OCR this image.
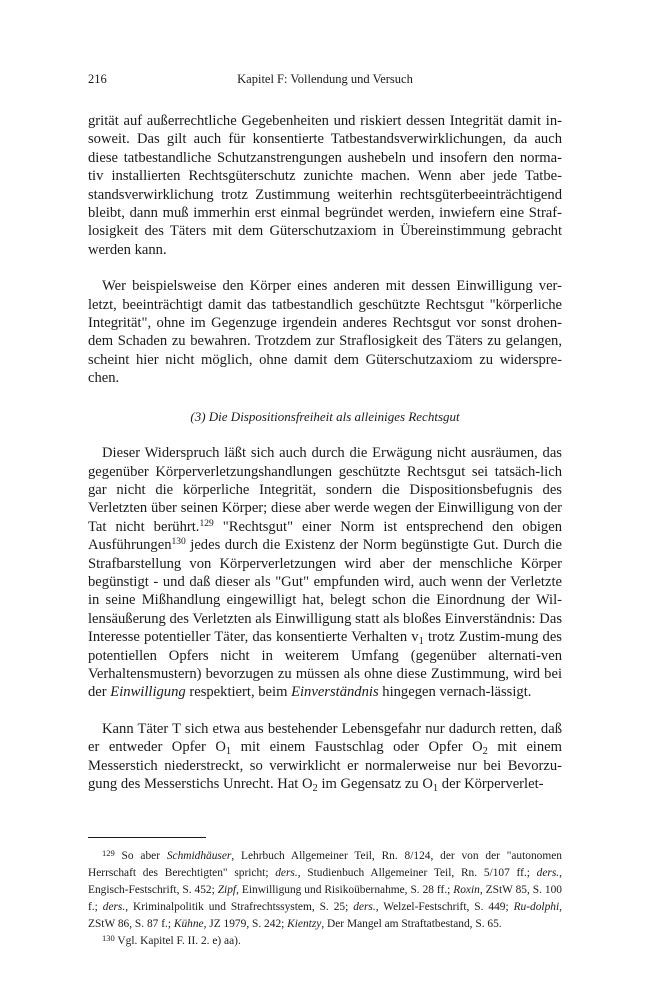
216	Kapitel F: Vollendung und Versuch

grität auf außerrechtliche Gegebenheiten und riskiert dessen Integrität damit in-soweit. Das gilt auch für konsentierte Tatbestandsverwirklichungen, da auch diese tatbestandliche Schutzanstrengungen aushebeln und insofern den norma-tiv installierten Rechtsgüterschutz zunichte machen. Wenn aber jede Tatbe-standsverwirklichung trotz Zustimmung weiterhin rechtsgüterbeeinträchtigend bleibt, dann muß immerhin erst einmal begründet werden, inwiefern eine Straf-losigkeit des Täters mit dem Güterschutzaxiom in Übereinstimmung gebracht werden kann.

Wer beispielsweise den Körper eines anderen mit dessen Einwilligung ver-letzt, beeinträchtigt damit das tatbestandlich geschützte Rechtsgut "körperliche Integrität", ohne im Gegenzuge irgendein anderes Rechtsgut vor sonst drohen-dem Schaden zu bewahren. Trotzdem zur Straflosigkeit des Täters zu gelangen, scheint hier nicht möglich, ohne damit dem Güterschutzaxiom zu widerspre-chen.

(3) Die Dispositionsfreiheit als alleiniges Rechtsgut

Dieser Widerspruch läßt sich auch durch die Erwägung nicht ausräumen, das gegenüber Körperverletzungshandlungen geschützte Rechtsgut sei tatsäch-lich gar nicht die körperliche Integrität, sondern die Dispositionsbefugnis des Verletzten über seinen Körper; diese aber werde wegen der Einwilligung von der Tat nicht berührt.$^{129}$ "Rechtsgut" einer Norm ist entsprechend den obigen Ausführungen$^{130}$ jedes durch die Existenz der Norm begünstigte Gut. Durch die Strafbarstellung von Körperverletzungen wird aber der menschliche Körper begünstigt - und daß dieser als "Gut" empfunden wird, auch wenn der Verletzte in seine Mißhandlung eingewilligt hat, belegt schon die Einordnung der Wil-lensäußerung des Verletzten als Einwilligung statt als bloßes Einverständnis: Das Interesse potentieller Täter, das konsentierte Verhalten $v_1$ trotz Zustim-mung des potentiellen Opfers nicht in weiterem Umfang (gegenüber alternati-ven Verhaltensmustern) bevorzugen zu müssen als ohne diese Zustimmung, wird bei der Einwilligung respektiert, beim Einverständnis hingegen vernach-lässigt.

Kann Täter T sich etwa aus bestehender Lebensgefahr nur dadurch retten, daß er entweder Opfer $O_1$ mit einem Faustschlag oder Opfer $O_2$ mit einem Messerstich niederstreckt, so verwirklicht er normalerweise nur bei Bevorzu-gung des Messerstichs Unrecht. Hat $O_2$ im Gegensatz zu $O_1$ der Körperverlet-

$^{129}$ So aber Schmidhäuser, Lehrbuch Allgemeiner Teil, Rn. 8/124, der von der "autonomen Herrschaft des Berechtigten" spricht; ders., Studienbuch Allgemeiner Teil, Rn. 5/107 ff.; ders., Engisch-Festschrift, S. 452; Zipf, Einwilligung und Risikoübernahme, S. 28 ff.; Roxin, ZStW 85, S. 100 f.; ders., Kriminalpolitik und Strafrechtssystem, S. 25; ders., Welzel-Festschrift, S. 449; Ru-dolphi, ZStW 86, S. 87 f.; Kühne, JZ 1979, S. 242; Kientzy, Der Mangel am Straftatbestand, S. 65.

$^{130}$ Vgl. Kapitel F. II. 2. e) aa).
